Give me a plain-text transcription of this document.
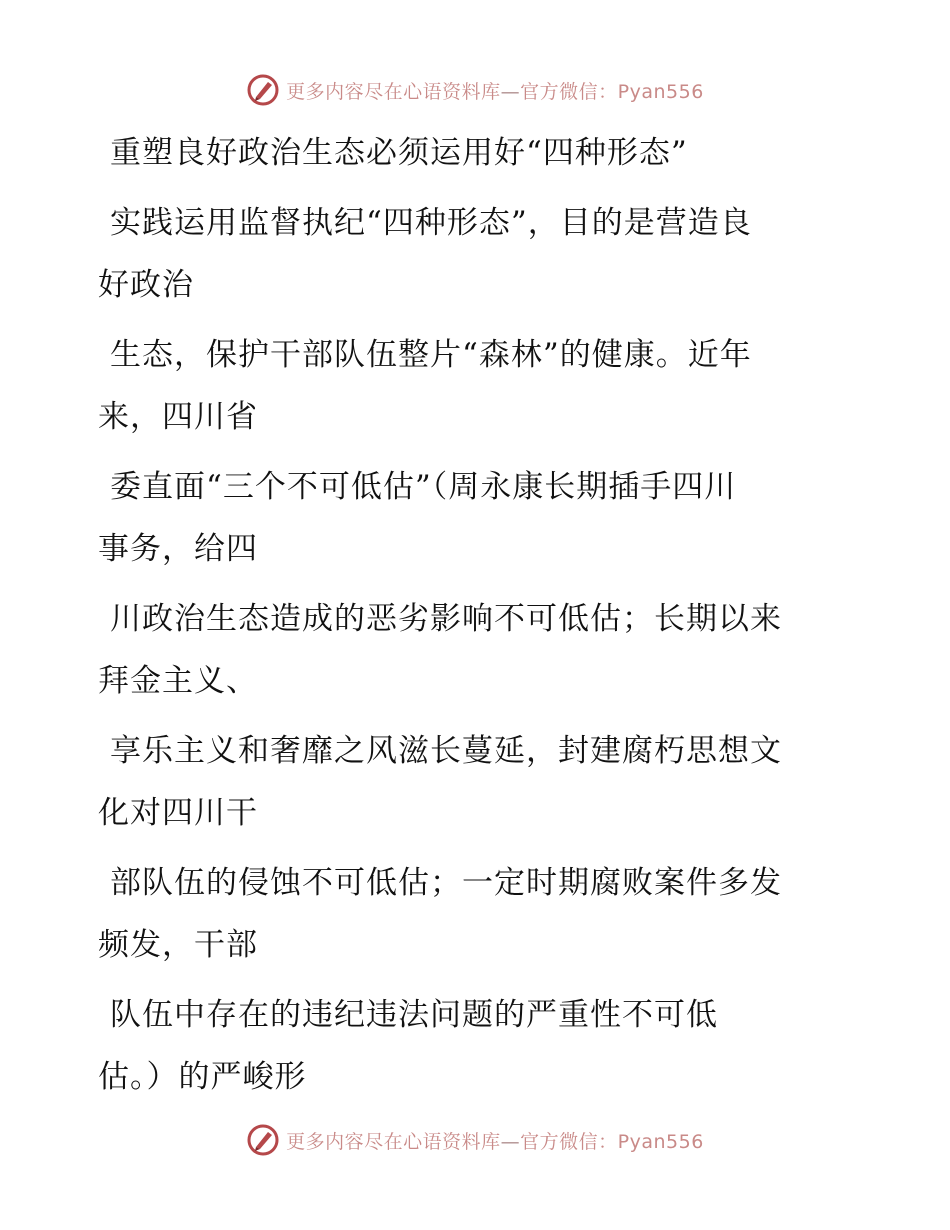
更多内容尽在心语资料库—官方微信：Pyan556

重塑良好政治生态必须运用好“四种形态”

实践运用监督执纪“四种形态”，目的是营造良
好政治

生态，保护干部队伍整片“森林”的健康。近年
来，四川省

委直面“三个不可低估”（周永康长期插手四川
事务，给四

川政治生态造成的恶劣影响不可低估；长期以来
拜金主义、

享乐主义和奢靡之风滋长蔓延，封建腐朽思想文
化对四川干

部队伍的侵蚀不可低估；一定时期腐败案件多发
频发，干部

队伍中存在的违纪违法问题的严重性不可低
估。）的严峻形

更多内容尽在心语资料库—官方微信：Pyan556
